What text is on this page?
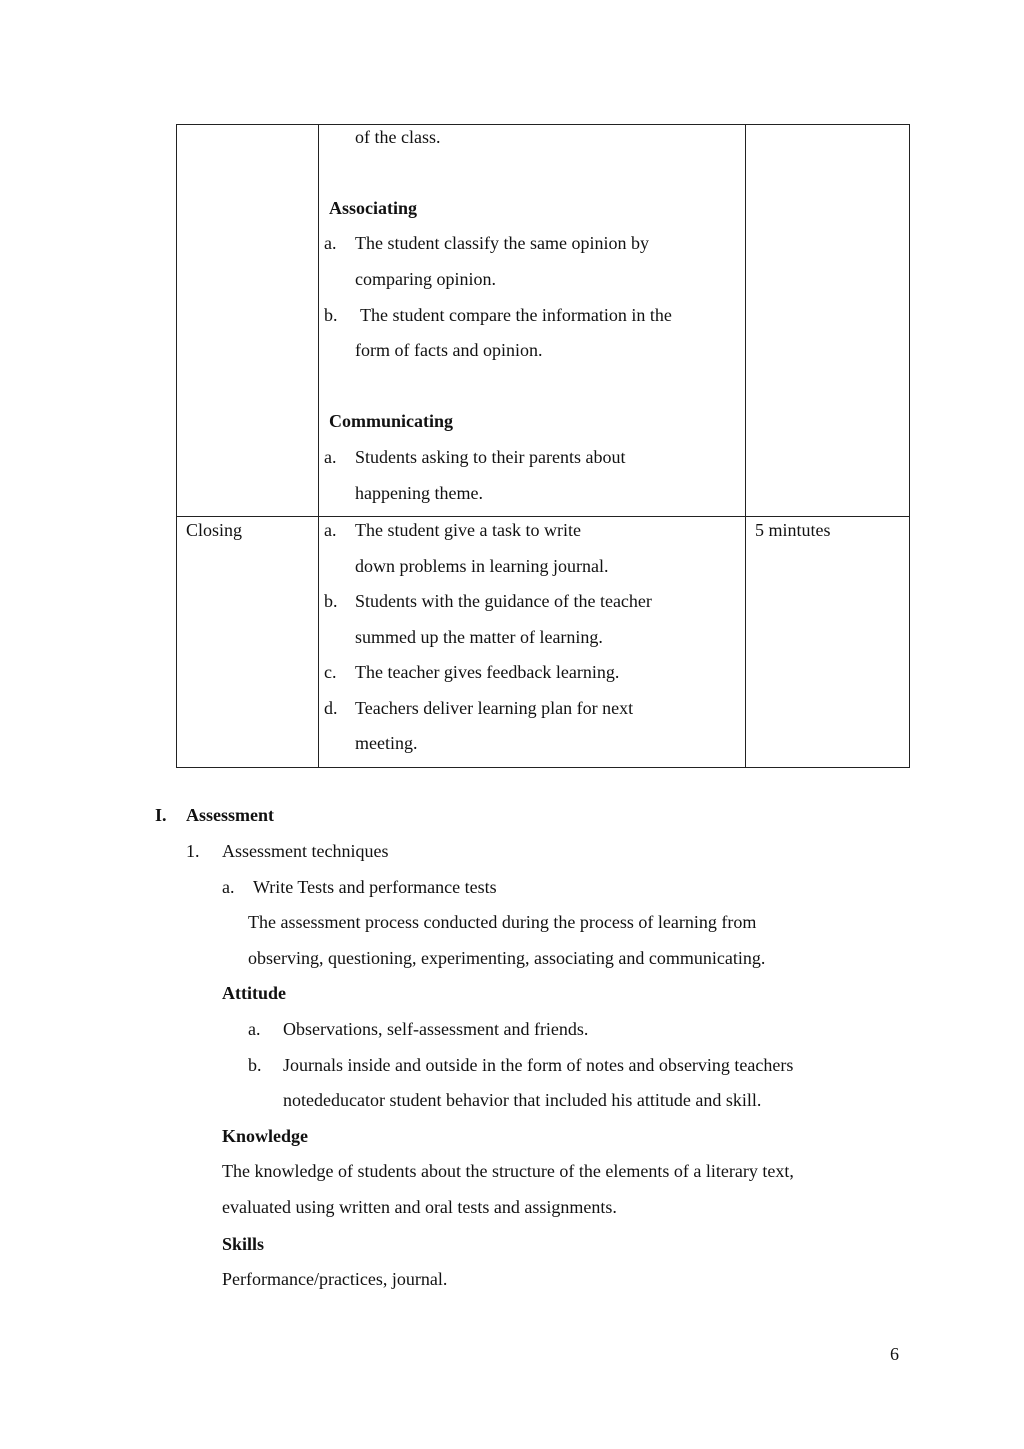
of the class.
Associating
a. The student classify the same opinion by
comparing opinion.
b. The student compare the information in the
form of facts and opinion.
Communicating
a. Students asking to their parents about
happening theme.
Closing	5 mintutes
a. The student give a task to write
down problems in learning journal.
b. Students with the guidance of the teacher
summed up the matter of learning.
c. The teacher gives feedback learning.
d. Teachers deliver learning plan for next
meeting.
I. Assessment
1. Assessment techniques
a. Write Tests and performance tests
The assessment process conducted during the process of learning from
observing, questioning, experimenting, associating and communicating.
Attitude
a. Observations, self-assessment and friends.
b. Journals inside and outside in the form of notes and observing teachers
notededucator student behavior that included his attitude and skill.
Knowledge
The knowledge of students about the structure of the elements of a literary text,
evaluated using written and oral tests and assignments.
Skills
Performance/practices, journal.
6
